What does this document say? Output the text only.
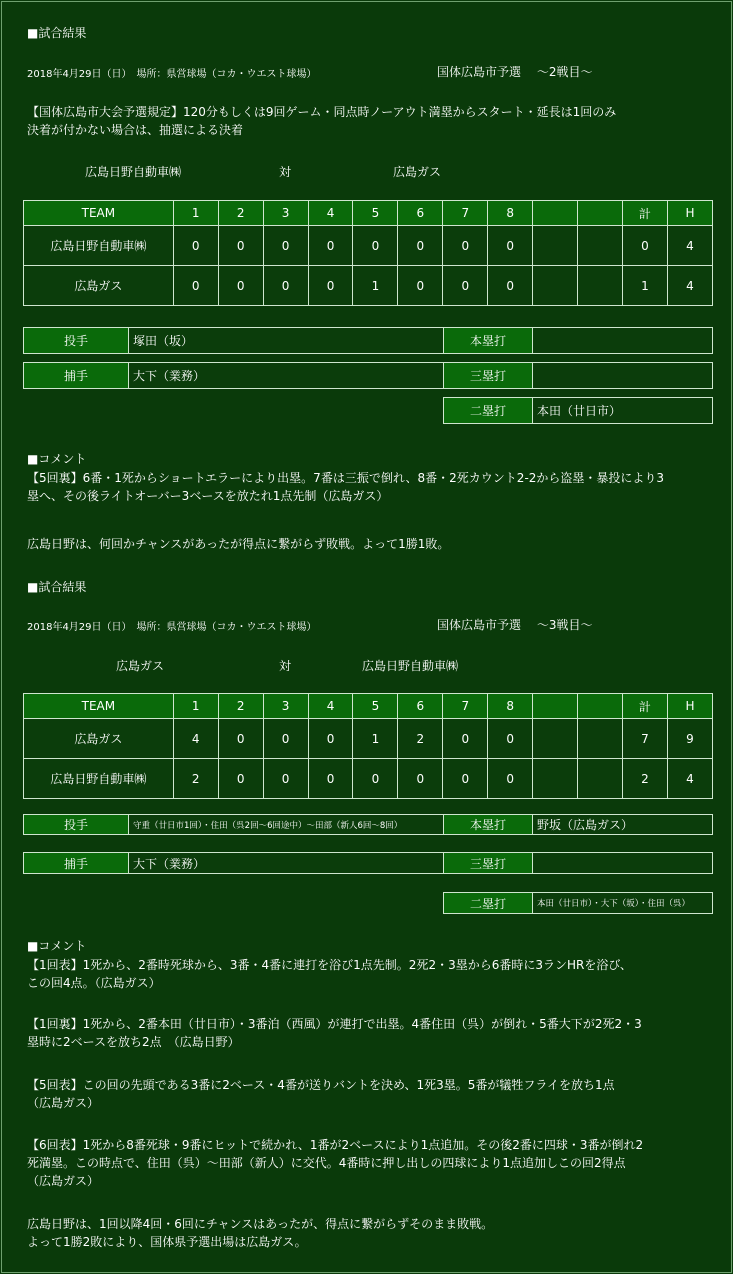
■試合結果
2018年4月29日（日）　場所：県営球場（コカ・ウエスト球場）	国体広島市予選　 ～2戦目～
【国体広島市大会予選規定】120分もしくは9回ゲーム・同点時ノーアウト満塁からスタート・延長は1回のみ
決着が付かない場合は、抽選による決着
広島日野自動車㈱	対	広島ガス
TEAM	1	2	3	4	5	6	7	8			計	H
広島日野自動車㈱	0	0	0	0	0	0	0	0			0	4
広島ガス	0	0	0	0	1	0	0	0			1	4
投手	塚田（坂）	本塁打
捕手	大下（業務）	三塁打
二塁打	本田（廿日市）
■コメント
【5回裏】6番・1死からショートエラーにより出塁。7番は三振で倒れ、8番・2死カウント2-2から盗塁・暴投により3
塁へ、その後ライトオーバー3ベースを放たれ1点先制（広島ガス）
広島日野は、何回かチャンスがあったが得点に繋がらず敗戦。よって1勝1敗。
■試合結果
2018年4月29日（日）　場所：県営球場（コカ・ウエスト球場）	国体広島市予選　 ～3戦目～
広島ガス	対	広島日野自動車㈱
TEAM	1	2	3	4	5	6	7	8			計	H
広島ガス	4	0	0	0	1	2	0	0			7	9
広島日野自動車㈱	2	0	0	0	0	0	0	0			2	4
投手	守重（廿日市1回）・住田（呉2回～6回途中）～田部（新人6回～8回）	本塁打	野坂（広島ガス）
捕手	大下（業務）	三塁打
二塁打	本田（廿日市）・大下（坂）・住田（呉）
■コメント
【1回表】1死から、2番時死球から、3番・4番に連打を浴び1点先制。2死2・3塁から6番時に3ランHRを浴び、
この回4点。（広島ガス）
【1回裏】1死から、2番本田（廿日市）・3番泊（西風）が連打で出塁。4番住田（呉）が倒れ・5番大下が2死2・3
塁時に2ベースを放ち2点　（広島日野）
【5回表】この回の先頭である3番に2ベース・4番が送りバントを決め、1死3塁。5番が犠牲フライを放ち1点
（広島ガス）
【6回表】1死から8番死球・9番にヒットで続かれ、1番が2ベースにより1点追加。その後2番に四球・3番が倒れ2
死満塁。この時点で、住田（呉）～田部（新人）に交代。4番時に押し出しの四球により1点追加しこの回2得点
（広島ガス）
広島日野は、1回以降4回・6回にチャンスはあったが、得点に繋がらずそのまま敗戦。
よって1勝2敗により、国体県予選出場は広島ガス。
